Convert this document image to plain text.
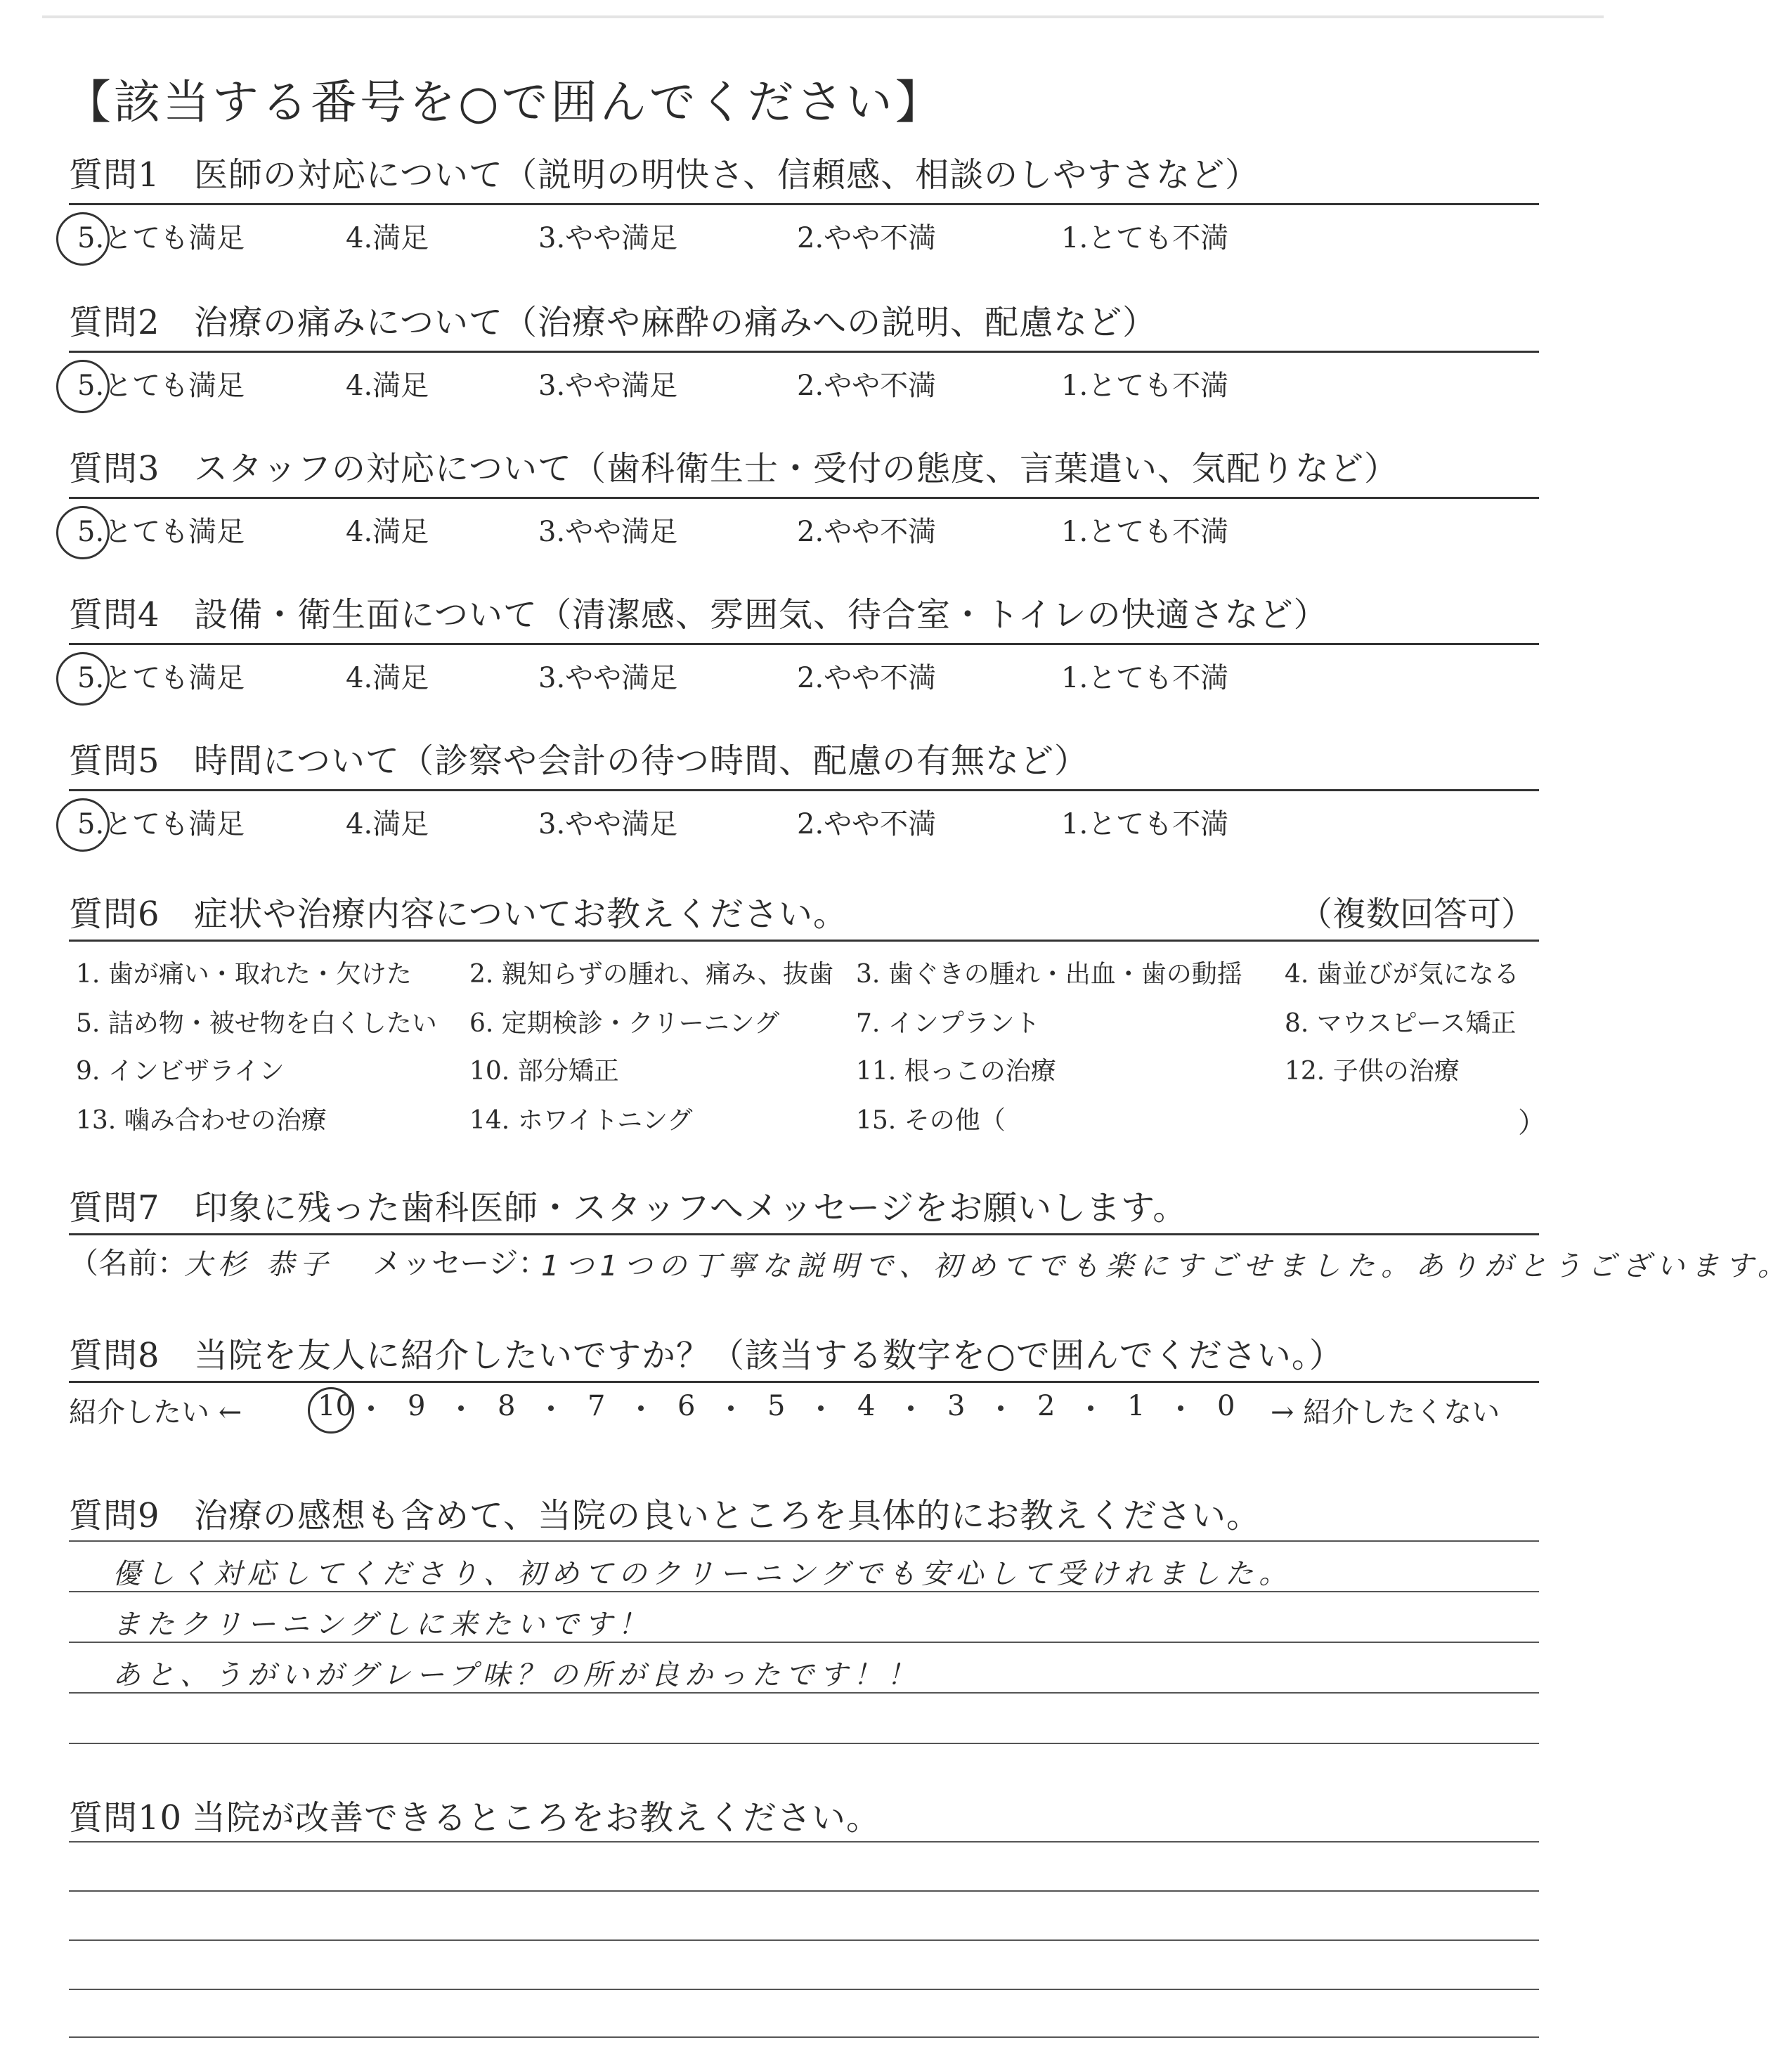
【該当する番号を○で囲んでください】
質問1 医師の対応について（説明の明快さ、信頼感、相談のしやすさなど）
5.とても満足	4.満足	3.やや満足	2.やや不満	1.とても不満
質問2 治療の痛みについて（治療や麻酔の痛みへの説明、配慮など）
5.とても満足	4.満足	3.やや満足	2.やや不満	1.とても不満
質問3 スタッフの対応について（歯科衛生士・受付の態度、言葉遣い、気配りなど）
5.とても満足	4.満足	3.やや満足	2.やや不満	1.とても不満
質問4 設備・衛生面について（清潔感、雰囲気、待合室・トイレの快適さなど）
5.とても満足	4.満足	3.やや満足	2.やや不満	1.とても不満
質問5 時間について（診察や会計の待つ時間、配慮の有無など）
5.とても満足	4.満足	3.やや満足	2.やや不満	1.とても不満
質問6 症状や治療内容についてお教えください。	（複数回答可）
1. 歯が痛い・取れた・欠けた 2. 親知らずの腫れ、痛み、抜歯 3. 歯ぐきの腫れ・出血・歯の動揺 4. 歯並びが気になる
5. 詰め物・被せ物を白くしたい 6. 定期検診・クリーニング	7. インプラント	8. マウスピース矯正
9. インビザライン	10. 部分矯正	11. 根っこの治療	12. 子供の治療
13. 噛み合わせの治療	14. ホワイトニング	15. その他（	）
質問7 印象に残った歯科医師・スタッフへメッセージをお願いします。
（名前：
大杉 恭子 メッセージ：
1つ1つの丁寧な説明で、初めてでも楽にすごせました。ありがとうございます。
質問8 当院を友人に紹介したいですか？（該当する数字を○で囲んでください。）
紹介したい ←	10 9	8	7	6	5	4	3	2	1	0 → 紹介したくない
質問9 治療の感想も含めて、当院の良いところを具体的にお教えください。
優しく対応してくださり、初めてのクリーニングでも安心して受けれました。
またクリーニングしに来たいです！
あと、うがいがグレープ味？の所が良かったです！！
質問10 当院が改善できるところをお教えください。
